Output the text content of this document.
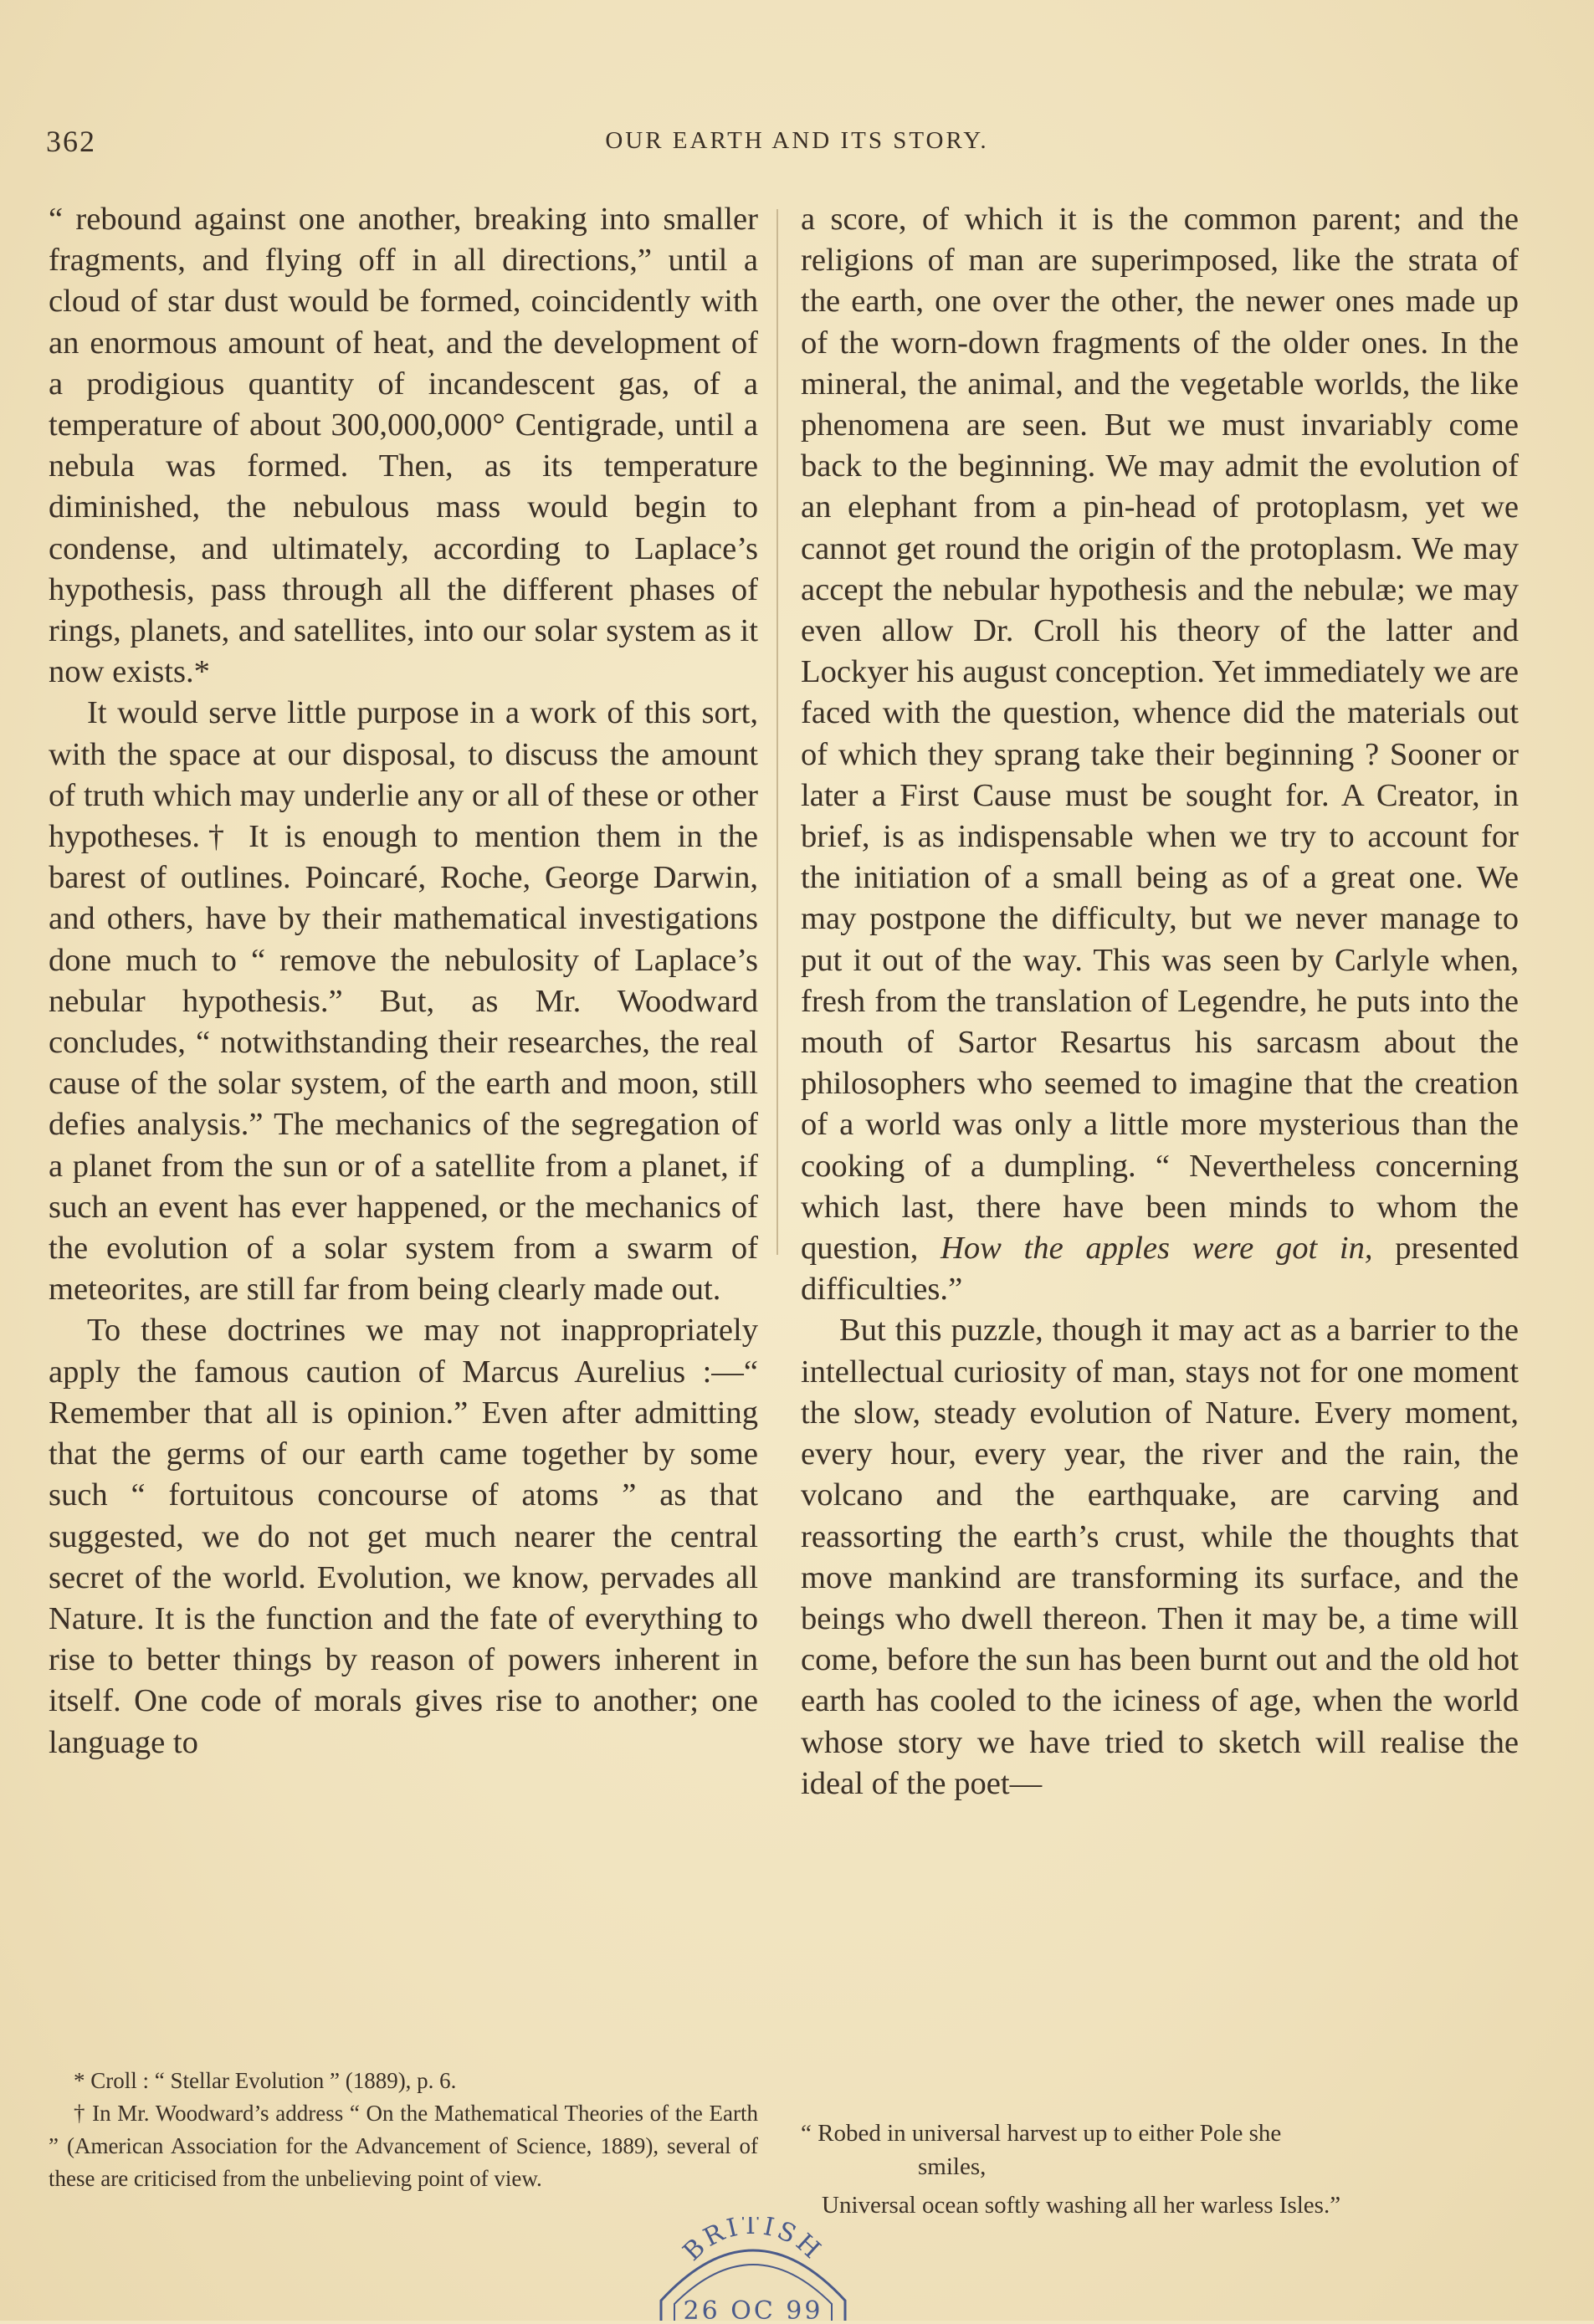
362	OUR EARTH AND ITS STORY.

“ rebound against one another, breaking into smaller fragments, and flying off in all directions,” until a cloud of star dust would be formed, coincidently with an enormous amount of heat, and the development of a prodigious quantity of incandescent gas, of a temperature of about 300,000,000° Centigrade, until a nebula was formed. Then, as its temperature diminished, the nebulous mass would begin to condense, and ultimately, according to Laplace’s hypothesis, pass through all the different phases of rings, planets, and satellites, into our solar system as it now exists.*

It would serve little purpose in a work of this sort, with the space at our disposal, to discuss the amount of truth which may underlie any or all of these or other hypotheses.† It is enough to mention them in the barest of outlines. Poincaré, Roche, George Darwin, and others, have by their mathematical investigations done much to “ remove the nebulosity of Laplace’s nebular hypothesis.” But, as Mr. Woodward concludes, “ notwithstanding their researches, the real cause of the solar system, of the earth and moon, still defies analysis.” The mechanics of the segregation of a planet from the sun or of a satellite from a planet, if such an event has ever happened, or the mechanics of the evolution of a solar system from a swarm of meteorites, are still far from being clearly made out.

To these doctrines we may not inappropriately apply the famous caution of Marcus Aurelius :—“ Remember that all is opinion.” Even after admitting that the germs of our earth came together by some such “ fortuitous concourse of atoms ” as that suggested, we do not get much nearer the central secret of the world. Evolution, we know, pervades all Nature. It is the function and the fate of everything to rise to better things by reason of powers inherent in itself. One code of morals gives rise to another; one language to

a score, of which it is the common parent; and the religions of man are superimposed, like the strata of the earth, one over the other, the newer ones made up of the worn-down fragments of the older ones. In the mineral, the animal, and the vegetable worlds, the like phenomena are seen. But we must invariably come back to the beginning. We may admit the evolution of an elephant from a pin-head of protoplasm, yet we cannot get round the origin of the protoplasm. We may accept the nebular hypothesis and the nebulæ; we may even allow Dr. Croll his theory of the latter and Lockyer his august conception. Yet immediately we are faced with the question, whence did the materials out of which they sprang take their beginning ? Sooner or later a First Cause must be sought for. A Creator, in brief, is as indispensable when we try to account for the initiation of a small being as of a great one. We may postpone the difficulty, but we never manage to put it out of the way. This was seen by Carlyle when, fresh from the translation of Legendre, he puts into the mouth of Sartor Resartus his sarcasm about the philosophers who seemed to imagine that the creation of a world was only a little more mysterious than the cooking of a dumpling. “ Nevertheless concerning which last, there have been minds to whom the question, How the apples were got in, presented difficulties.”

But this puzzle, though it may act as a barrier to the intellectual curiosity of man, stays not for one moment the slow, steady evolution of Nature. Every moment, every hour, every year, the river and the rain, the volcano and the earthquake, are carving and reassorting the earth’s crust, while the thoughts that move mankind are transforming its surface, and the beings who dwell thereon. Then it may be, a time will come, before the sun has been burnt out and the old hot earth has cooled to the iciness of age, when the world whose story we have tried to sketch will realise the ideal of the poet—

* Croll : “ Stellar Evolution ” (1889), p. 6.

† In Mr. Woodward’s address “ On the Mathematical Theories of the Earth ” (American Association for the Advancement of Science, 1889), several of these are criticised from the unbelieving point of view.

“ Robed in universal harvest up to either Pole she

smiles,

Universal ocean softly washing all her warless Isles.”

BRITISH
26 OC 99
